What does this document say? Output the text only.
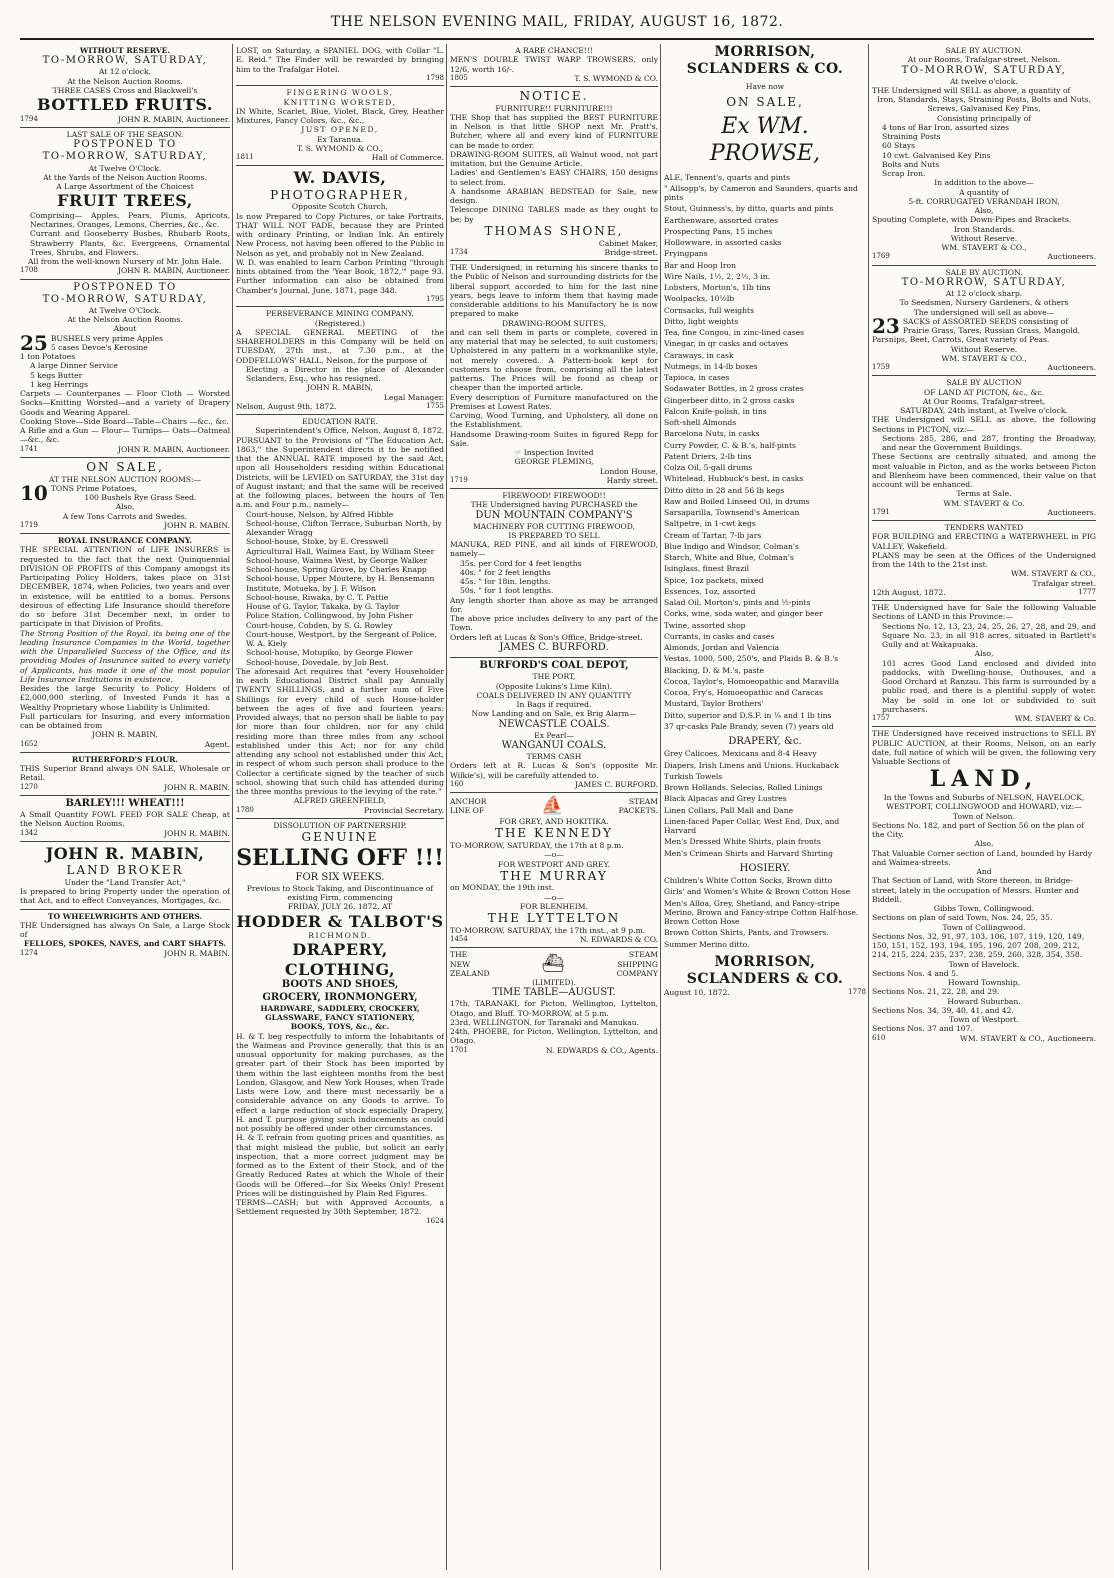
THE NELSON EVENING MAIL, FRIDAY, AUGUST 16, 1872.
WITHOUT RESERVE.
TO-MORROW, SATURDAY,
At 12 o'clock,
At the Nelson Auction Rooms.
THREE CASES Cross and Blackwell's
BOTTLED FRUITS.
1794	JOHN R. MABIN, Auctioneer.
LAST SALE OF THE SEASON.
POSTPONED TO
TO-MORROW, SATURDAY,
At Twelve O'Clock.
At the Yards of the Nelson Auction Rooms.
A Large Assortment of the Choicest
FRUIT TREES,
Comprising— Apples, Pears, Plums, Apricots, Nectarines, Oranges, Lemons, Cherries, &c., &c.
Currant and Gooseberry Bushes, Rhubarb Roots, Strawberry Plants, &c. Evergreens, Ornamental Trees, Shrubs, and Flowers.
All from the well-known Nursery of Mr. John Hale.
1708	JOHN R. MABIN, Auctioneer.
POSTPONED TO
TO-MORROW, SATURDAY,
At Twelve O'Clock.
At the Nelson Auction Rooms.
About
25 BUSHELS very prime Apples
5 cases Devoe's Kerosine
1 ton Potatoes
A large Dinner Service
5 kegs Butter
1 keg Herrings
Carpets — Counterpanes — Floor Cloth — Worsted Socks—Knitting Worsted—and a variety of Drapery Goods and Wearing Apparel.
Cooking Stove—Side Board—Table—Chairs —&c., &c.
A Rifle and a Gun — Flour— Turnips— Oats—Oatmeal—&c., &c.
1741	JOHN R. MABIN, Auctioneer.
ON SALE,
AT THE NELSON AUCTION ROOMS:—
10 TONS Prime Potatoes,
100 Bushels Rye Grass Seed.
Also,
A few Tons Carrots and Swedes.
1719	JOHN R. MABIN.
ROYAL INSURANCE COMPANY.
THE SPECIAL ATTENTION of LIFE INSURERS is requested to the fact that the next Quinquennial DIVISION OF PROFITS of this Company amongst its Participating Policy Holders, takes place on 31st DECEMBER, 1874, when Policies, two years and over in existence, will be entitled to a bonus. Persons desirous of effecting Life Insurance should therefore do so before 31st December next, in order to participate in that Division of Profits.
The Strong Position of the Royal, its being one of the leading Insurance Companies in the World, together with the Unparalleled Success of the Office, and its providing Modes of Insurance suited to every variety of Applicants, has made it one of the most popular Life Insurance Institutions in existence.
Besides the large Security to Policy Holders of £2,000,000 sterling, of Invested Funds it has a Wealthy Proprietary whose Liability is Unlimited.
Full particulars for Insuring, and every information can be obtained from
JOHN R. MABIN,
1652	Agent.
RUTHERFORD'S FLOUR.
THIS Superior Brand always ON SALE, Wholesale or Retail.
1270	JOHN R. MABIN.
BARLEY!!! WHEAT!!!
A Small Quantity FOWL FEED FOR SALE Cheap, at the Nelson Auction Rooms,
1342	JOHN R. MABIN.
JOHN R. MABIN,
LAND BROKER
Under the "Land Transfer Act,"
Is prepared to bring Property under the operation of that Act, and to effect Conveyances, Mortgages, &c.
TO WHEELWRIGHTS AND OTHERS.
THE Undersigned has always On Sale, a Large Stock of
FELLOES, SPOKES, NAVES, and CART SHAFTS.
1274	JOHN R. MABIN.
LOST, on Saturday, a SPANIEL DOG, with Collar "L. E. Reid." The Finder will be rewarded by bringing him to the Trafalgar Hotel.
1798
FINGERING WOOLS,
KNITTING WORSTED,
IN White, Scarlet, Blue, Violet, Black, Grey, Heather Mixtures, Fancy Colors, &c., &c.,
JUST OPENED,
Ex Taranua.
T. S. WYMOND & CO.,
1811	Hall of Commerce.
W. DAVIS,
PHOTOGRAPHER,
Opposite Scotch Church,
Is now Prepared to Copy Pictures, or take Portraits, THAT WILL NOT FADE, because they are Printed with ordinary Printing, or Indian Ink. An entirely New Process, not having been offered to the Public in Nelson as yet, and probably not in New Zealand.
W. D. was enabled to learn Carbon Printing "through hints obtained from the 'Year Book, 1872,'" page 93. Further information can also be obtained from Chamber's Journal, June, 1871, page 348.
1795
PERSEVERANCE MINING COMPANY,
(Registered.)
A SPECIAL GENERAL MEETING of the SHAREHOLDERS in this Company will be held on TUESDAY, 27th inst., at 7.30 p.m., at the ODDFELLOWS' HALL, Nelson, for the purpose of
Electing a Director in the place of Alexander Sclanders, Esq., who has resigned.
JOHN R. MABIN,
Legal Manager.
Nelson, August 9th, 1872.	1755
EDUCATION RATE.
Superintendent's Office, Nelson, August 8, 1872.
PURSUANT to the Provisions of "The Education Act, 1863," the Superintendent directs it to be notified that the ANNUAL RATE imposed by the said Act, upon all Householders residing within Educational Districts, will be LEVIED on SATURDAY, the 31st day of August instant; and that the same will be received at the following places, between the hours of Ten a.m. and Four p.m., namely—
Court-house, Nelson, by Alfred Hibble
School-house, Clifton Terrace, Suburban North, by Alexander Wragg
School-house, Stoke, by E. Cresswell
Agricultural Hall, Waimea East, by William Steer
School-house, Waimea West, by George Walker
School-house, Spring Grove, by Charles Knapp
School-house, Upper Moutere, by H. Bensemann
Institute, Motueka, by J. F. Wilson
School-house, Riwaka, by C. T. Pattie
House of G. Taylor, Takaka, by G. Taylor
Police Station, Collingwood, by John Fisher
Court-house, Cobden, by S. G. Rowley
Court-house, Westport, by the Sergeant of Police, W. A. Kiely
School-house, Motupiko, by George Flower
School-house, Dovedale, by Job Best.
The aforesaid Act requires that "every Householder in each Educational District shall pay Annually TWENTY SHILLINGS, and a further sum of Five Shillings for every child of such House-holder between the ages of five and fourteen years: Provided always, that no person shall be liable to pay for more than four children, nor for any child residing more than three miles from any school established under this Act; nor for any child attending any school not established under this Act, in respect of whom such person shall produce to the Collector a certificate signed by the teacher of such school, showing that such child has attended during the three months previous to the levying of the rate."
ALFRED GREENFIELD,
1780	Provincial Secretary.
DISSOLUTION OF PARTNERSHIP.
GENUINE
SELLING OFF !!!
FOR SIX WEEKS.
Previous to Stock Taking, and Discontinuance of existing Firm, commencing
FRIDAY, JULY 26, 1872, AT
HODDER & TALBOT'S
RICHMOND.
DRAPERY, CLOTHING,
BOOTS AND SHOES,
GROCERY, IRONMONGERY,
HARDWARE, SADDLERY, CROCKERY,
GLASSWARE, FANCY STATIONERY,
BOOKS, TOYS, &c., &c.
H. & T. beg respectfully to inform the Inhabitants of the Waimeas and Province generally, that this is an unusual opportunity for making purchases, as the greater part of their Stock has been imported by them within the last eighteen months from the best London, Glasgow, and New York Houses, when Trade Lists were Low, and there must necessarily be a considerable advance on any Goods to arrive. To effect a large reduction of stock especially Drapery, H. and T. purpose giving such inducements as could not possibly be offered under other circumstances.
H. & T. refrain from quoting prices and quantities, as that might mislead the public, but solicit an early inspection, that a more correct judgment may be formed as to the Extent of their Stock, and of the Greatly Reduced Rates at which the Whole of their Goods will be Offered—for Six Weeks Only! Present Prices will be distinguished by Plain Red Figures.
TERMS—CASH; but with Approved Accounts, a Settlement requested by 30th September, 1872.
1624
A RARE CHANCE!!!
MEN'S DOUBLE TWIST WARP TROWSERS, only 12/6, worth 16/-.
1805	T. S. WYMOND & CO.
NOTICE.
FURNITURE!! FURNITURE!!!
THE Shop that has supplied the BEST FURNITURE in Nelson is that little SHOP next Mr. Pratt's, Butcher, where all and every kind of FURNITURE can be made to order.
DRAWING-ROOM SUITES, all Walnut wood, not part imitation, but the Genuine Article.
Ladies' and Gentlemen's EASY CHAIRS, 150 designs to select from.
A handsome ARABIAN BEDSTEAD for Sale, new design.
Telescope DINING TABLES made as they ought to be; by
THOMAS SHONE,
Cabinet Maker,
1734	Bridge-street.
THE Undersigned, in returning his sincere thanks to the Public of Nelson and surrounding districts for the liberal support accorded to him for the last nine years, begs leave to inform them that having made considerable additions to his Manufactory he is now prepared to make
DRAWING-ROOM SUITES,
and can sell them in parts or complete, covered in any material that may be selected, to suit customers; Upholstered in any pattern in a workmanlike style, not merely covered. A Pattern-book kept for customers to choose from, comprising all the latest patterns. The Prices will be found as cheap or cheaper than the imported article.
Every description of Furniture manufactured on the Premises at Lowest Rates.
Carving, Wood Turning, and Upholstery, all done on the Establishment.
Handsome Drawing-room Suites in figured Repp for Sale.
☞ Inspection Invited
GEORGE FLEMING,
London House,
1719	Hardy street.
FIREWOOD! FIREWOOD!!
THE Undersigned having PURCHASED the
DUN MOUNTAIN COMPANY'S
MACHINERY FOR CUTTING FIREWOOD,
IS PREPARED TO SELL
MANUKA, RED PINE, and all kinds of FIREWOOD, namely—
35s. per Cord for 4 feet lengths
40s. " for 2 feet lengths
45s. " for 18in. lengths.
50s. " for 1 foot lengths.
Any length shorter than above as may be arranged for.
The above price includes delivery to any part of the Town.
Orders left at Lucas & Son's Office, Bridge-street.
JAMES C. BURFORD.
BURFORD'S COAL DEPOT,
THE PORT,
(Opposite Lukins's Lime Kiln).
COALS DELIVERED IN ANY QUANTITY
In Bags if required.
Now Landing and on Sale, ex Brig Alarm—
NEWCASTLE COALS.
Ex Pearl—
WANGANUI COALS.
TERMS CASH
Orders left at R. Lucas & Son's (opposite Mr. Wilkie's), will be carefully attended to.
160	JAMES C. BURFORD.
ANCHOR
LINE OF	⛵	STEAM
PACKETS.
FOR GREY, AND HOKITIKA.
THE KENNEDY
TO-MORROW, SATURDAY, the 17th at 8 p.m.
—o—
FOR WESTPORT AND GREY.
THE MURRAY
on MONDAY, the 19th inst.
—o—
FOR BLENHEIM.
THE LYTTELTON
TO-MORROW, SATURDAY, the 17th inst., at 9 p.m.
1454	N. EDWARDS & CO.
THE
NEW
ZEALAND	⛴	STEAM
SHIPPING
COMPANY
(LIMITED).
TIME TABLE—AUGUST.
17th, TARANAKI, for Picton, Wellington, Lyttelton, Otago, and Bluff. TO-MORROW, at 5 p.m.
23rd, WELLINGTON, for Taranaki and Manukau.
24th, PHOEBE, for Picton, Wellington, Lyttelton, and Otago.
1701	N. EDWARDS & CO., Agents.
MORRISON, SCLANDERS & CO.
Have now
ON SALE,
Ex WM. PROWSE,
ALE, Tennent's, quarts and pints
" Allsopp's, by Cameron and Saunders, quarts and pints
Stout, Guinness's, by ditto, quarts and pints
Earthenware, assorted crates
Prospecting Pans, 15 inches
Hollowware, in assorted casks
Fryingpans
Bar and Hoop Iron
Wire Nails, 1½, 2, 2½, 3 in.
Lobsters, Morton's, 1lb tins
Woolpacks, 10½lb
Cornsacks, full weights
Ditto, light weights
Tea, fine Congou, in zinc-lined cases
Vinegar, in qr casks and octaves
Caraways, in cask
Nutmegs, in 14-lb boxes
Tapioca, in cases
Sodawater Bottles, in 2 gross crates
Gingerbeer ditto, in 2 gross casks
Falcon Knife-polish, in tins
Soft-shell Almonds
Barcelona Nuts, in casks
Curry Powder, C. & B.'s, half-pints
Patent Driers, 2-lb tins
Colza Oil, 5-gall drums
Whitelead, Hubbuck's best, in casks
Ditto ditto in 28 and 56 lb kegs
Raw and Boiled Linseed Oil, in drums
Sarsaparilla, Townsend's American
Saltpetre, in 1-cwt kegs
Cream of Tartar, 7-lb jars
Blue Indigo and Windsor, Colman's
Starch, White and Blue, Colman's
Isinglass, finest Brazil
Spice, 1oz packets, mixed
Essences, 1oz, assorted
Salad Oil, Morton's, pints and ½-pints
Corks, wine, soda water, and ginger beer
Twine, assorted shop
Currants, in casks and cases
Almonds, Jordan and Valencia
Vestas, 1000, 500, 250's, and Plaids B. & B.'s
Blacking, D. & M.'s, paste
Cocoa, Taylor's, Homoeopathic and Maravilla
Cocoa, Fry's, Homoeopathic and Caracas
Mustard, Taylor Brothers'
Ditto, superior and D.S.F. in ¼ and 1 lb tins
37 qr-casks Pale Brandy, seven (7) years old
DRAPERY, &c.
Grey Calicoes, Mexicans and 8-4 Heavy
Diapers, Irish Linens and Unions. Huckaback
Turkish Towels
Brown Hollands. Selecias, Rolled Linings
Black Alpacas and Grey Lustres
Linen Collars, Pall Mall and Dane
Linen-faced Paper Collar, West End, Dux, and Harvard
Men's Dressed White Shirts, plain fronts
Men's Crimean Shirts and Harvard Shirting
HOSIERY.
Children's White Cotton Socks, Brown ditto
Girls' and Women's White & Brown Cotton Hose
Men's Alloa, Grey, Shetland, and Fancy-stripe Merino, Brown and Fancy-stripe Cotton Half-hose. Brown Cotton Hose
Brown Cotton Shirts, Pants, and Trowsers.
Summer Merino ditto.
MORRISON, SCLANDERS & CO.
August 10, 1872.	1778
SALE BY AUCTION.
At our Rooms, Trafalgar-street, Nelson.
TO-MORROW, SATURDAY,
At twelve o'clock.
THE Undersigned will SELL as above, a quantity of
Iron, Standards, Stays, Straining Posts, Bolts and Nuts,
Screws, Galvanised Key Pins,
Consisting principally of
4 tons of Bar Iron, assorted sizes
Straining Posts
60 Stays
10 cwt. Galvanised Key Pins
Bolts and Nuts
Scrap Iron.
In addition to the above—
A quantity of
5-ft. CORRUGATED VERANDAH IRON,
Also,
Spouting Complete, with Down-Pipes and Brackets.
Iron Standards.
Without Reserve.
WM. STAVERT & CO.,
1769	Auctioneers.
SALE BY AUCTION.
TO-MORROW, SATURDAY,
At 12 o'clock sharp.
To Seedsmen, Nursery Gardeners, & others
The undersigned will sell as above—
23 SACKS of ASSORTED SEEDS consisting of
Prairie Grass, Tares, Russian Grass, Mangold, Parsnips, Beet, Carrots, Great variety of Peas.
Without Reserve.
WM. STAVERT & CO.,
1759	Auctioneers.
SALE BY AUCTION
OF LAND AT PICTON, &c., &c.
At Our Rooms, Trafalgar-street,
SATURDAY, 24th instant, at Twelve o'clock.
THE Undersigned will SELL as above, the following Sections in PICTON, viz:—
Sections 285, 286, and 287, fronting the Broadway, and near the Government Buildings.
These Sections are centrally situated, and among the most valuable in Picton, and as the works between Picton and Blenheim have been commenced, their value on that account will be enhanced.
Terms at Sale.
WM. STAVERT & Co.
1791	Auctioneers.
TENDERS WANTED
FOR BUILDING and ERECTING a WATERWHEEL in PIG VALLEY, Wakefield.
PLANS may be seen at the Offices of the Undersigned from the 14th to the 21st inst.
WM. STAVERT & CO.,
Trafalgar street.
12th August, 1872.	1777
THE Undersigned have for Sale the following Valuable Sections of LAND in this Province:—
Sections No. 12, 13, 23, 24, 25, 26, 27, 28, and 29, and Square No. 23, in all 918 acres, situated in Bartlett's Gully and at Wakapuaka.
Also,
101 acres Good Land enclosed and divided into paddocks, with Dwelling-house, Outhouses, and a Good Orchard at Ranzau. This farm is surrounded by a public road, and there is a plentiful supply of water. May be sold in one lot or subdivided to suit purchasers.
1757	WM. STAVERT & Co.
THE Undersigned have received instructions to SELL BY PUBLIC AUCTION, at their Rooms, Nelson, on an early date, full notice of which will be given, the following very Valuable Sections of
LAND,
In the Towns and Suburbs of NELSON, HAVELOCK, WESTPORT, COLLINGWOOD and HOWARD, viz:—
Town of Nelson.
Sections No. 182, and part of Section 56 on the plan of the City.
Also,
That Valuable Corner section of Land, bounded by Hardy and Waimea-streets.
And
That Section of Land, with Store thereon, in Bridge-street, lately in the occupation of Messrs. Hunter and Biddell.
Gibbs Town, Collingwood.
Sections on plan of said Town, Nos. 24, 25, 35.
Town of Collingwood.
Sections Nos. 32, 91, 97, 103, 106, 107, 119, 120, 149, 150, 151, 152, 193, 194, 195, 196, 207 208, 209, 212, 214, 215, 224, 235, 237, 238, 259, 260, 328, 354, 358.
Town of Havelock.
Sections Nos. 4 and 5.
Howard Township.
Sections Nos. 21, 22, 28, and 29.
Howard Suburban.
Sections Nos. 34, 39, 40, 41, and 42.
Town of Westport.
Sections Nos. 37 and 107.
610	WM. STAVERT & CO., Auctioneers.
